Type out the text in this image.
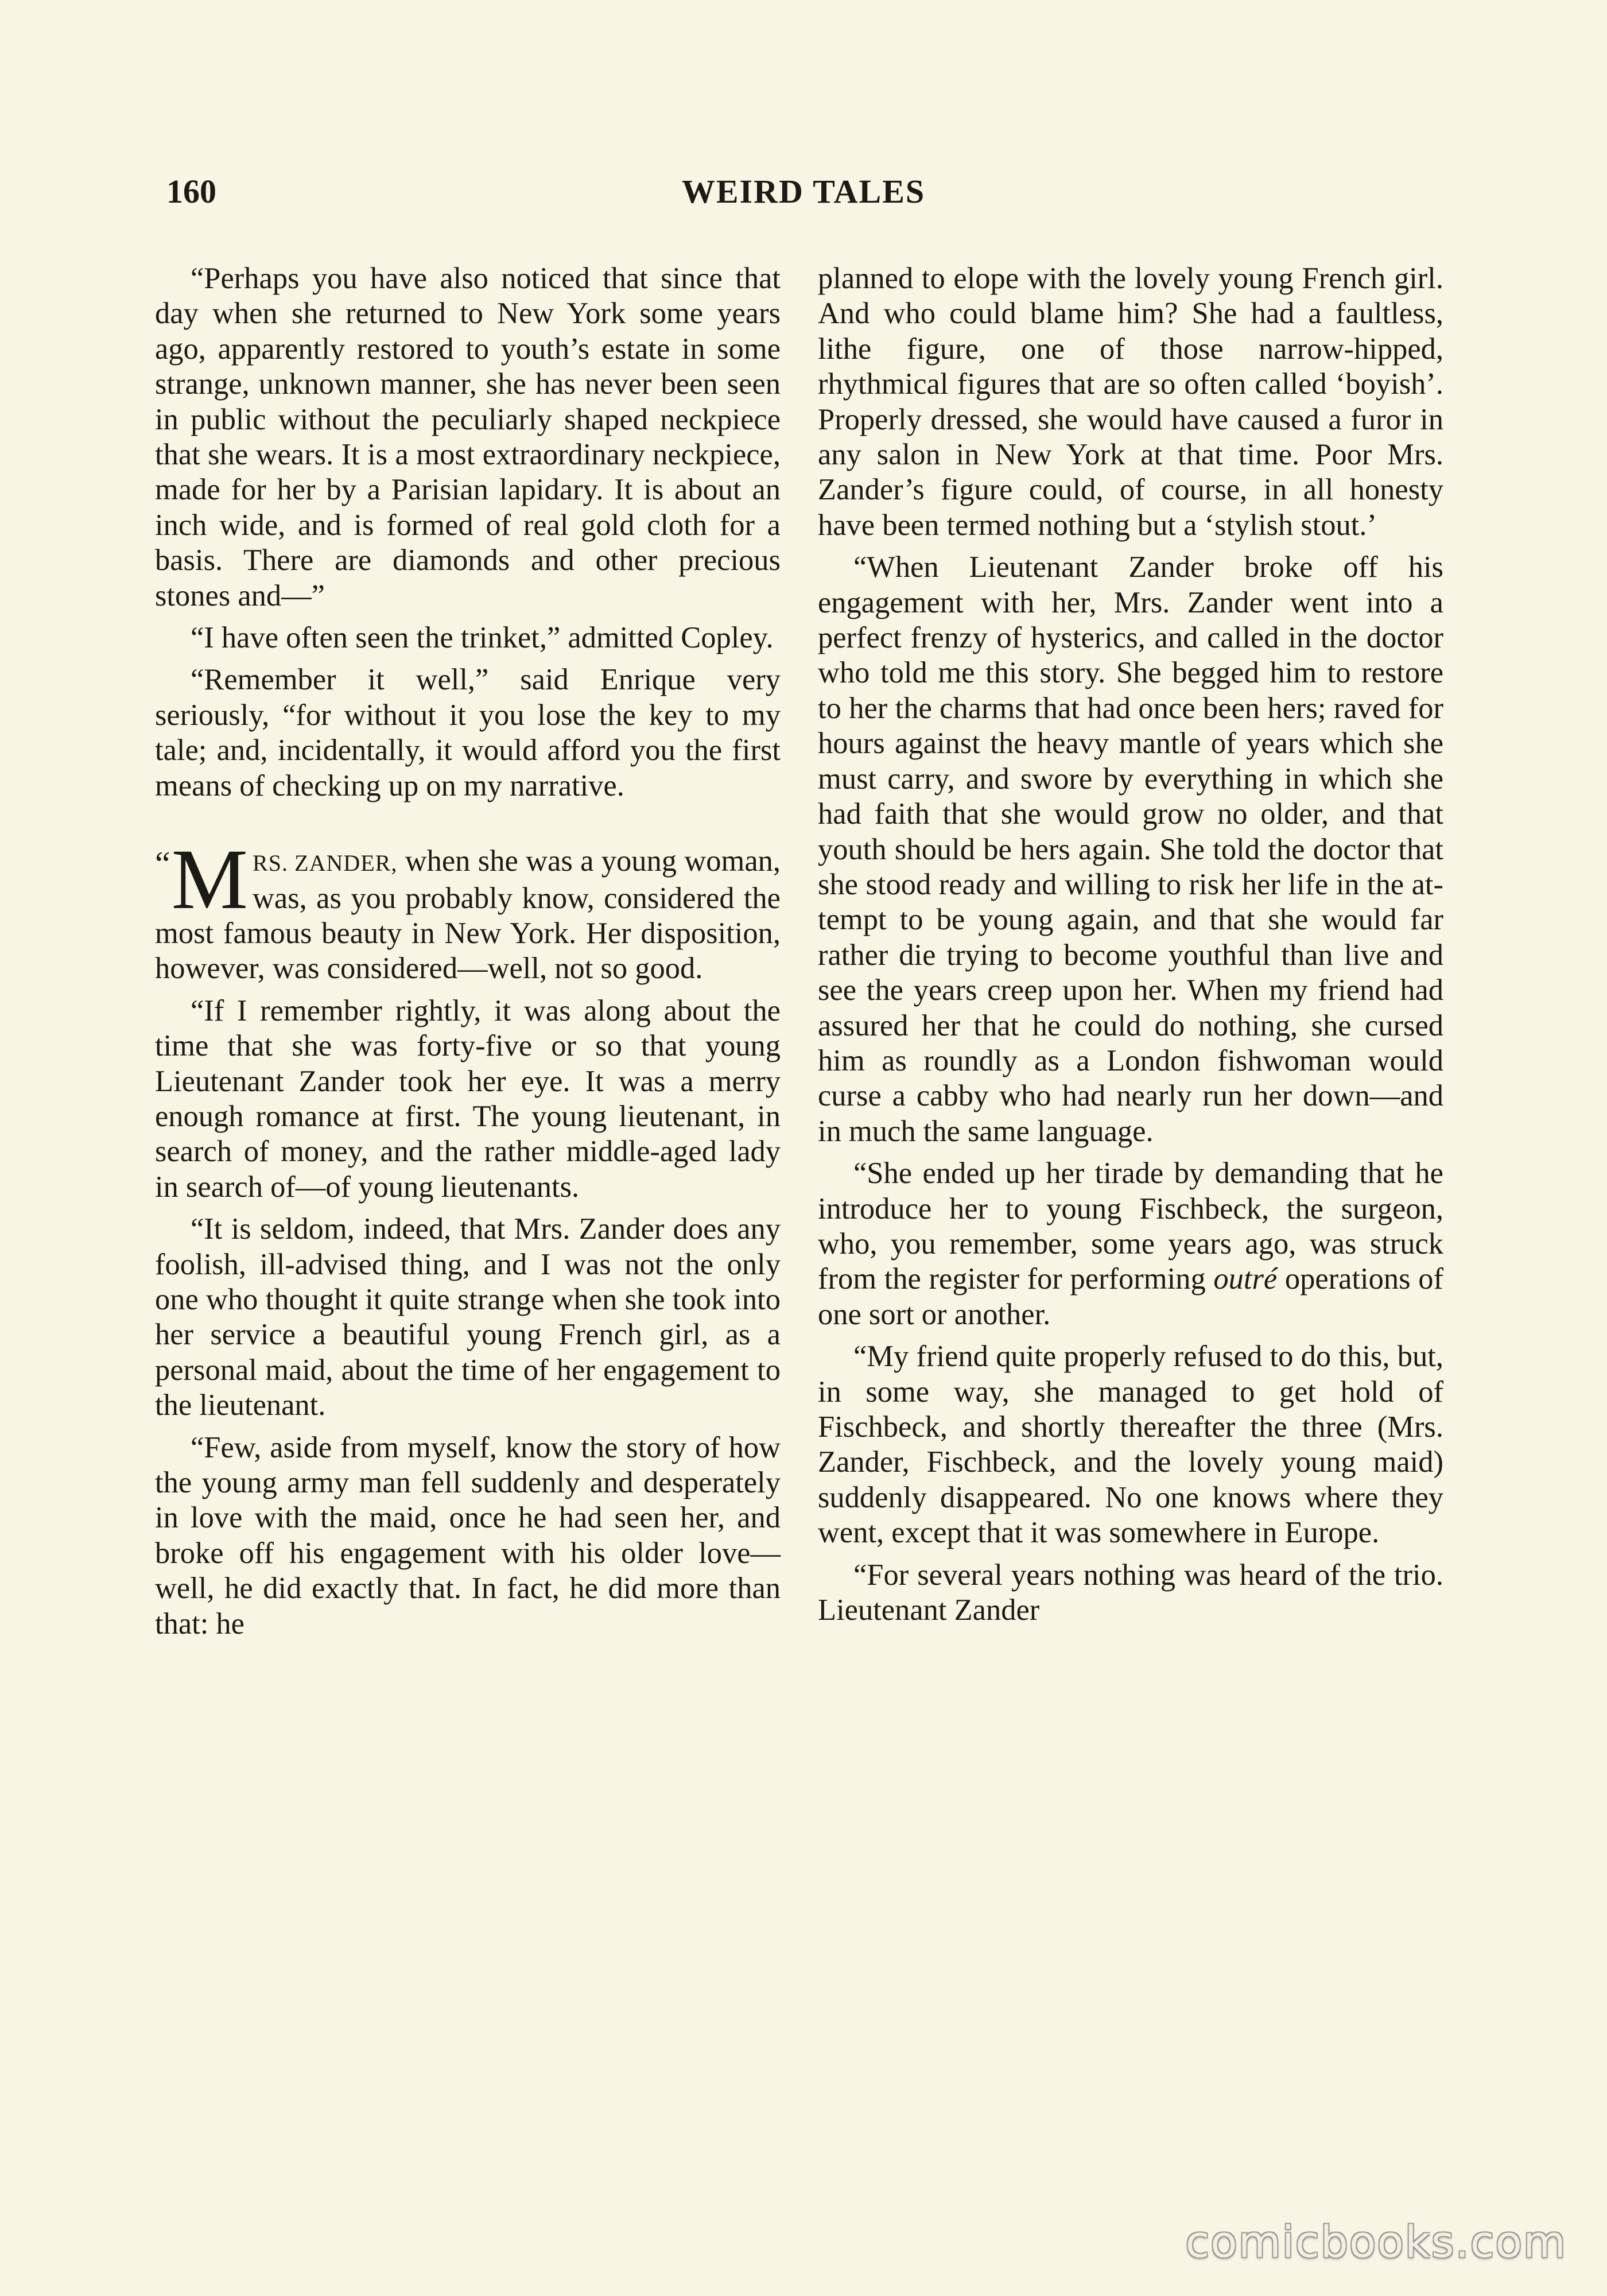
160	WEIRD TALES

“Perhaps you have also noticed that since that day when she returned to New York some years ago, apparently restored to youth’s estate in some strange, unknown manner, she has never been seen in public without the peculiarly shaped neckpiece that she wears. It is a most extraordinary neckpiece, made for her by a Parisian lapidary. It is about an inch wide, and is formed of real gold cloth for a basis. There are diamonds and other precious stones and—”

“I have often seen the trinket,” admitted Copley.

“Remember it well,” said Enrique very seriously, “for without it you lose the key to my tale; and, incidentally, it would afford you the first means of checking up on my narrative.

“ M RS. ZANDER, when she was a young woman, was, as you probably know, considered the most famous beauty in New York. Her disposition, however, was considered—well, not so good.

“If I remember rightly, it was along about the time that she was forty-five or so that young Lieutenant Zander took her eye. It was a merry enough romance at first. The young lieutenant, in search of money, and the rather middle-aged lady in search of—of young lieutenants.

“It is seldom, indeed, that Mrs. Zander does any foolish, ill-advised thing, and I was not the only one who thought it quite strange when she took into her service a beautiful young French girl, as a personal maid, about the time of her engagement to the lieutenant.

“Few, aside from myself, know the story of how the young army man fell suddenly and desperately in love with the maid, once he had seen her, and broke off his engagement with his older love—well, he did exactly that. In fact, he did more than that: he

planned to elope with the lovely young French girl. And who could blame him? She had a faultless, lithe figure, one of those narrow-hipped, rhythmical figures that are so often called ‘boyish’. Properly dressed, she would have caused a furor in any salon in New York at that time. Poor Mrs. Zander’s figure could, of course, in all honesty have been termed nothing but a ‘stylish stout.’

“When Lieutenant Zander broke off his engagement with her, Mrs. Zander went into a perfect frenzy of hysterics, and called in the doctor who told me this story. She begged him to restore to her the charms that had once been hers; raved for hours against the heavy mantle of years which she must carry, and swore by everything in which she had faith that she would grow no older, and that youth should be hers again. She told the doctor that she stood ready and willing to risk her life in the attempt to be young again, and that she would far rather die trying to become youthful than live and see the years creep upon her. When my friend had assured her that he could do nothing, she cursed him as roundly as a London fishwoman would curse a cabby who had nearly run her down—and in much the same language.

“She ended up her tirade by demanding that he introduce her to young Fischbeck, the surgeon, who, you remember, some years ago, was struck from the register for performing outré operations of one sort or another.

“My friend quite properly refused to do this, but, in some way, she managed to get hold of Fischbeck, and shortly thereafter the three (Mrs. Zander, Fischbeck, and the lovely young maid) suddenly disappeared. No one knows where they went, except that it was somewhere in Europe.

“For several years nothing was heard of the trio. Lieutenant Zander

comicbooks.com
